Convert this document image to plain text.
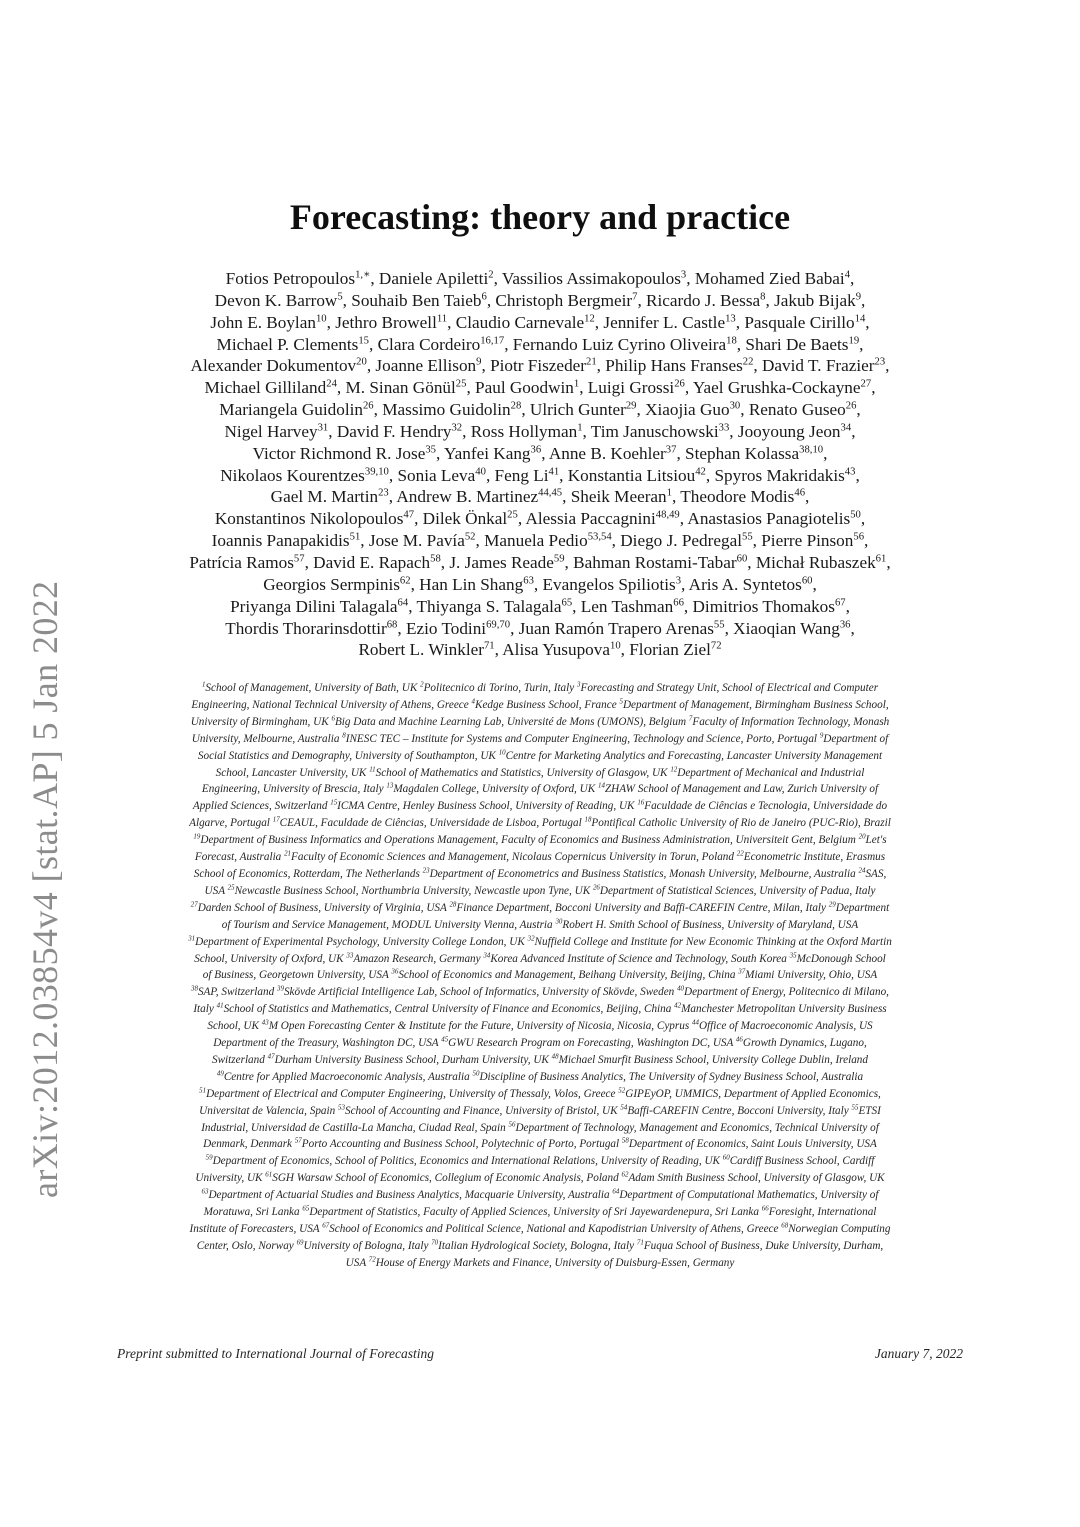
arXiv:2012.03854v4 [stat.AP] 5 Jan 2022
Forecasting: theory and practice
Fotios Petropoulos$^{1,∗}$, Daniele Apiletti$^2$, Vassilios Assimakopoulos$^3$, Mohamed Zied Babai$^4$,
Devon K. Barrow$^5$, Souhaib Ben Taieb$^6$, Christoph Bergmeir$^7$, Ricardo J. Bessa$^8$, Jakub Bijak$^9$,
John E. Boylan$^{10}$, Jethro Browell$^{11}$, Claudio Carnevale$^{12}$, Jennifer L. Castle$^{13}$, Pasquale Cirillo$^{14}$,
Michael P. Clements$^{15}$, Clara Cordeiro$^{16,17}$, Fernando Luiz Cyrino Oliveira$^{18}$, Shari De Baets$^{19}$,
Alexander Dokumentov$^{20}$, Joanne Ellison$^9$, Piotr Fiszeder$^{21}$, Philip Hans Franses$^{22}$, David T. Frazier$^{23}$,
Michael Gilliland$^{24}$, M. Sinan Gönül$^{25}$, Paul Goodwin$^1$, Luigi Grossi$^{26}$, Yael Grushka-Cockayne$^{27}$,
Mariangela Guidolin$^{26}$, Massimo Guidolin$^{28}$, Ulrich Gunter$^{29}$, Xiaojia Guo$^{30}$, Renato Guseo$^{26}$,
Nigel Harvey$^{31}$, David F. Hendry$^{32}$, Ross Hollyman$^1$, Tim Januschowski$^{33}$, Jooyoung Jeon$^{34}$,
Victor Richmond R. Jose$^{35}$, Yanfei Kang$^{36}$, Anne B. Koehler$^{37}$, Stephan Kolassa$^{38,10}$,
Nikolaos Kourentzes$^{39,10}$, Sonia Leva$^{40}$, Feng Li$^{41}$, Konstantia Litsiou$^{42}$, Spyros Makridakis$^{43}$,
Gael M. Martin$^{23}$, Andrew B. Martinez$^{44,45}$, Sheik Meeran$^1$, Theodore Modis$^{46}$,
Konstantinos Nikolopoulos$^{47}$, Dilek Önkal$^{25}$, Alessia Paccagnini$^{48,49}$, Anastasios Panagiotelis$^{50}$,
Ioannis Panapakidis$^{51}$, Jose M. Pavía$^{52}$, Manuela Pedio$^{53,54}$, Diego J. Pedregal$^{55}$, Pierre Pinson$^{56}$,
Patrícia Ramos$^{57}$, David E. Rapach$^{58}$, J. James Reade$^{59}$, Bahman Rostami-Tabar$^{60}$, Michał Rubaszek$^{61}$,
Georgios Sermpinis$^{62}$, Han Lin Shang$^{63}$, Evangelos Spiliotis$^3$, Aris A. Syntetos$^{60}$,
Priyanga Dilini Talagala$^{64}$, Thiyanga S. Talagala$^{65}$, Len Tashman$^{66}$, Dimitrios Thomakos$^{67}$,
Thordis Thorarinsdottir$^{68}$, Ezio Todini$^{69,70}$, Juan Ramón Trapero Arenas$^{55}$, Xiaoqian Wang$^{36}$,
Robert L. Winkler$^{71}$, Alisa Yusupova$^{10}$, Florian Ziel$^{72}$
$^1$School of Management, University of Bath, UK $^2$Politecnico di Torino, Turin, Italy $^3$Forecasting and Strategy Unit, School of Electrical and Computer
Engineering, National Technical University of Athens, Greece $^4$Kedge Business School, France $^5$Department of Management, Birmingham Business School,
University of Birmingham, UK $^6$Big Data and Machine Learning Lab, Université de Mons (UMONS), Belgium $^7$Faculty of Information Technology, Monash
University, Melbourne, Australia $^8$INESC TEC – Institute for Systems and Computer Engineering, Technology and Science, Porto, Portugal $^9$Department of
Social Statistics and Demography, University of Southampton, UK $^{10}$Centre for Marketing Analytics and Forecasting, Lancaster University Management
School, Lancaster University, UK $^{11}$School of Mathematics and Statistics, University of Glasgow, UK $^{12}$Department of Mechanical and Industrial
Engineering, University of Brescia, Italy $^{13}$Magdalen College, University of Oxford, UK $^{14}$ZHAW School of Management and Law, Zurich University of
Applied Sciences, Switzerland $^{15}$ICMA Centre, Henley Business School, University of Reading, UK $^{16}$Faculdade de Ciências e Tecnologia, Universidade do
Algarve, Portugal $^{17}$CEAUL, Faculdade de Ciências, Universidade de Lisboa, Portugal $^{18}$Pontifical Catholic University of Rio de Janeiro (PUC-Rio), Brazil
$^{19}$Department of Business Informatics and Operations Management, Faculty of Economics and Business Administration, Universiteit Gent, Belgium $^{20}$Let's
Forecast, Australia $^{21}$Faculty of Economic Sciences and Management, Nicolaus Copernicus University in Torun, Poland $^{22}$Econometric Institute, Erasmus
School of Economics, Rotterdam, The Netherlands $^{23}$Department of Econometrics and Business Statistics, Monash University, Melbourne, Australia $^{24}$SAS,
USA $^{25}$Newcastle Business School, Northumbria University, Newcastle upon Tyne, UK $^{26}$Department of Statistical Sciences, University of Padua, Italy
$^{27}$Darden School of Business, University of Virginia, USA $^{28}$Finance Department, Bocconi University and Baffi-CAREFIN Centre, Milan, Italy $^{29}$Department
of Tourism and Service Management, MODUL University Vienna, Austria $^{30}$Robert H. Smith School of Business, University of Maryland, USA
$^{31}$Department of Experimental Psychology, University College London, UK $^{32}$Nuffield College and Institute for New Economic Thinking at the Oxford Martin
School, University of Oxford, UK $^{33}$Amazon Research, Germany $^{34}$Korea Advanced Institute of Science and Technology, South Korea $^{35}$McDonough School
of Business, Georgetown University, USA $^{36}$School of Economics and Management, Beihang University, Beijing, China $^{37}$Miami University, Ohio, USA
$^{38}$SAP, Switzerland $^{39}$Skövde Artificial Intelligence Lab, School of Informatics, University of Skövde, Sweden $^{40}$Department of Energy, Politecnico di Milano,
Italy $^{41}$School of Statistics and Mathematics, Central University of Finance and Economics, Beijing, China $^{42}$Manchester Metropolitan University Business
School, UK $^{43}$M Open Forecasting Center & Institute for the Future, University of Nicosia, Nicosia, Cyprus $^{44}$Office of Macroeconomic Analysis, US
Department of the Treasury, Washington DC, USA $^{45}$GWU Research Program on Forecasting, Washington DC, USA $^{46}$Growth Dynamics, Lugano,
Switzerland $^{47}$Durham University Business School, Durham University, UK $^{48}$Michael Smurfit Business School, University College Dublin, Ireland
$^{49}$Centre for Applied Macroeconomic Analysis, Australia $^{50}$Discipline of Business Analytics, The University of Sydney Business School, Australia
$^{51}$Department of Electrical and Computer Engineering, University of Thessaly, Volos, Greece $^{52}$GIPEyOP, UMMICS, Department of Applied Economics,
Universitat de Valencia, Spain $^{53}$School of Accounting and Finance, University of Bristol, UK $^{54}$Baffi-CAREFIN Centre, Bocconi University, Italy $^{55}$ETSI
Industrial, Universidad de Castilla-La Mancha, Ciudad Real, Spain $^{56}$Department of Technology, Management and Economics, Technical University of
Denmark, Denmark $^{57}$Porto Accounting and Business School, Polytechnic of Porto, Portugal $^{58}$Department of Economics, Saint Louis University, USA
$^{59}$Department of Economics, School of Politics, Economics and International Relations, University of Reading, UK $^{60}$Cardiff Business School, Cardiff
University, UK $^{61}$SGH Warsaw School of Economics, Collegium of Economic Analysis, Poland $^{62}$Adam Smith Business School, University of Glasgow, UK
$^{63}$Department of Actuarial Studies and Business Analytics, Macquarie University, Australia $^{64}$Department of Computational Mathematics, University of
Moratuwa, Sri Lanka $^{65}$Department of Statistics, Faculty of Applied Sciences, University of Sri Jayewardenepura, Sri Lanka $^{66}$Foresight, International
Institute of Forecasters, USA $^{67}$School of Economics and Political Science, National and Kapodistrian University of Athens, Greece $^{68}$Norwegian Computing
Center, Oslo, Norway $^{69}$University of Bologna, Italy $^{70}$Italian Hydrological Society, Bologna, Italy $^{71}$Fuqua School of Business, Duke University, Durham,
USA $^{72}$House of Energy Markets and Finance, University of Duisburg-Essen, Germany
Preprint submitted to International Journal of Forecasting	January 7, 2022
